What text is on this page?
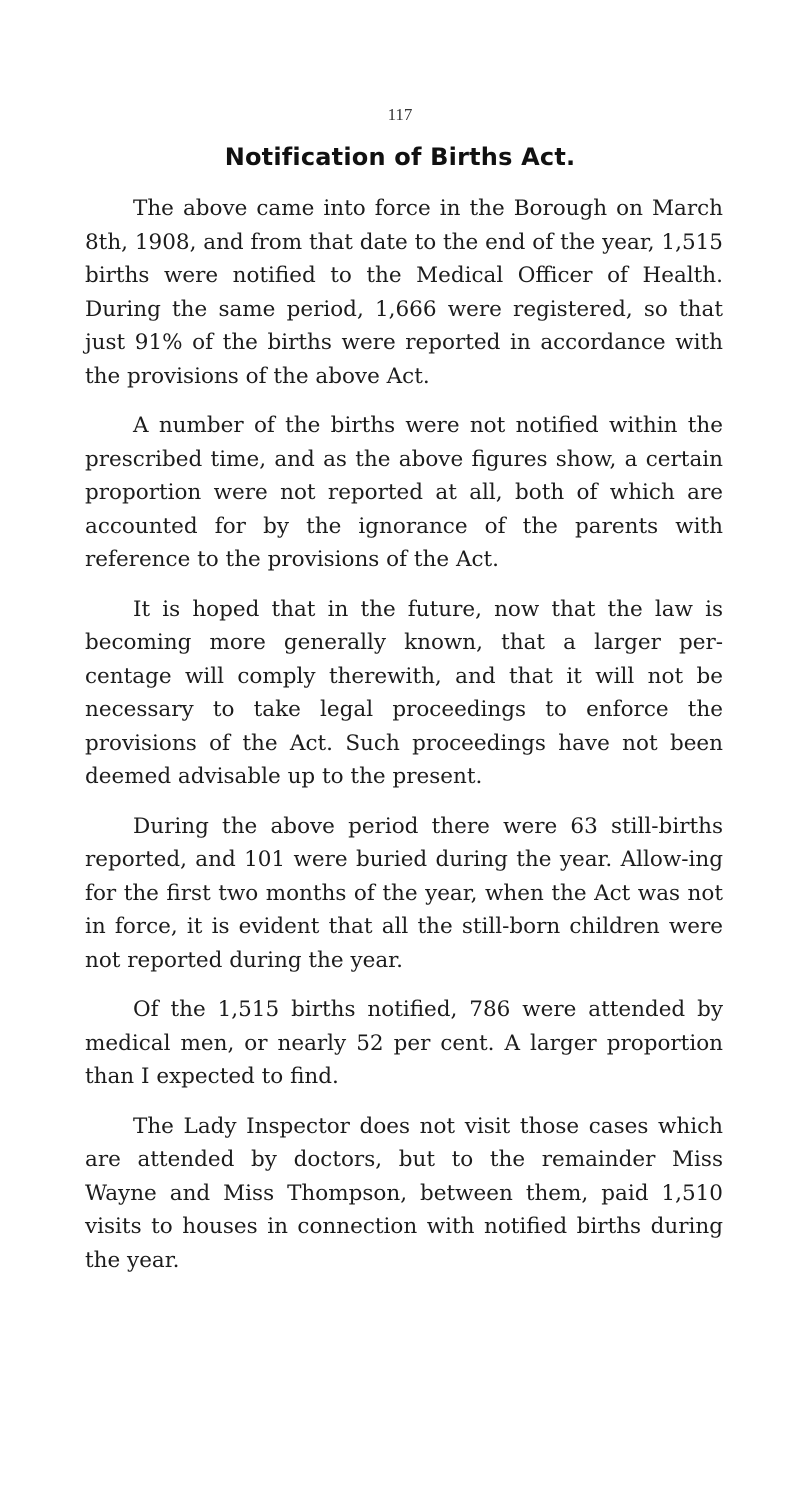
117
Notification of Births Act.

The above came into force in the Borough on March 8th, 1908, and from that date to the end of the year, 1,515 births were notified to the Medical Officer of Health. During the same period, 1,666 were registered, so that just 91% of the births were reported in accordance with the provisions of the above Act.

A number of the births were not notified within the prescribed time, and as the above figures show, a certain proportion were not reported at all, both of which are accounted for by the ignorance of the parents with reference to the provisions of the Act.

It is hoped that in the future, now that the law is becoming more generally known, that a larger per-centage will comply therewith, and that it will not be necessary to take legal proceedings to enforce the provisions of the Act. Such proceedings have not been deemed advisable up to the present.

During the above period there were 63 still-births reported, and 101 were buried during the year. Allow-ing for the first two months of the year, when the Act was not in force, it is evident that all the still-born children were not reported during the year.

Of the 1,515 births notified, 786 were attended by medical men, or nearly 52 per cent. A larger proportion than I expected to find.

The Lady Inspector does not visit those cases which are attended by doctors, but to the remainder Miss Wayne and Miss Thompson, between them, paid 1,510 visits to houses in connection with notified births during the year.
